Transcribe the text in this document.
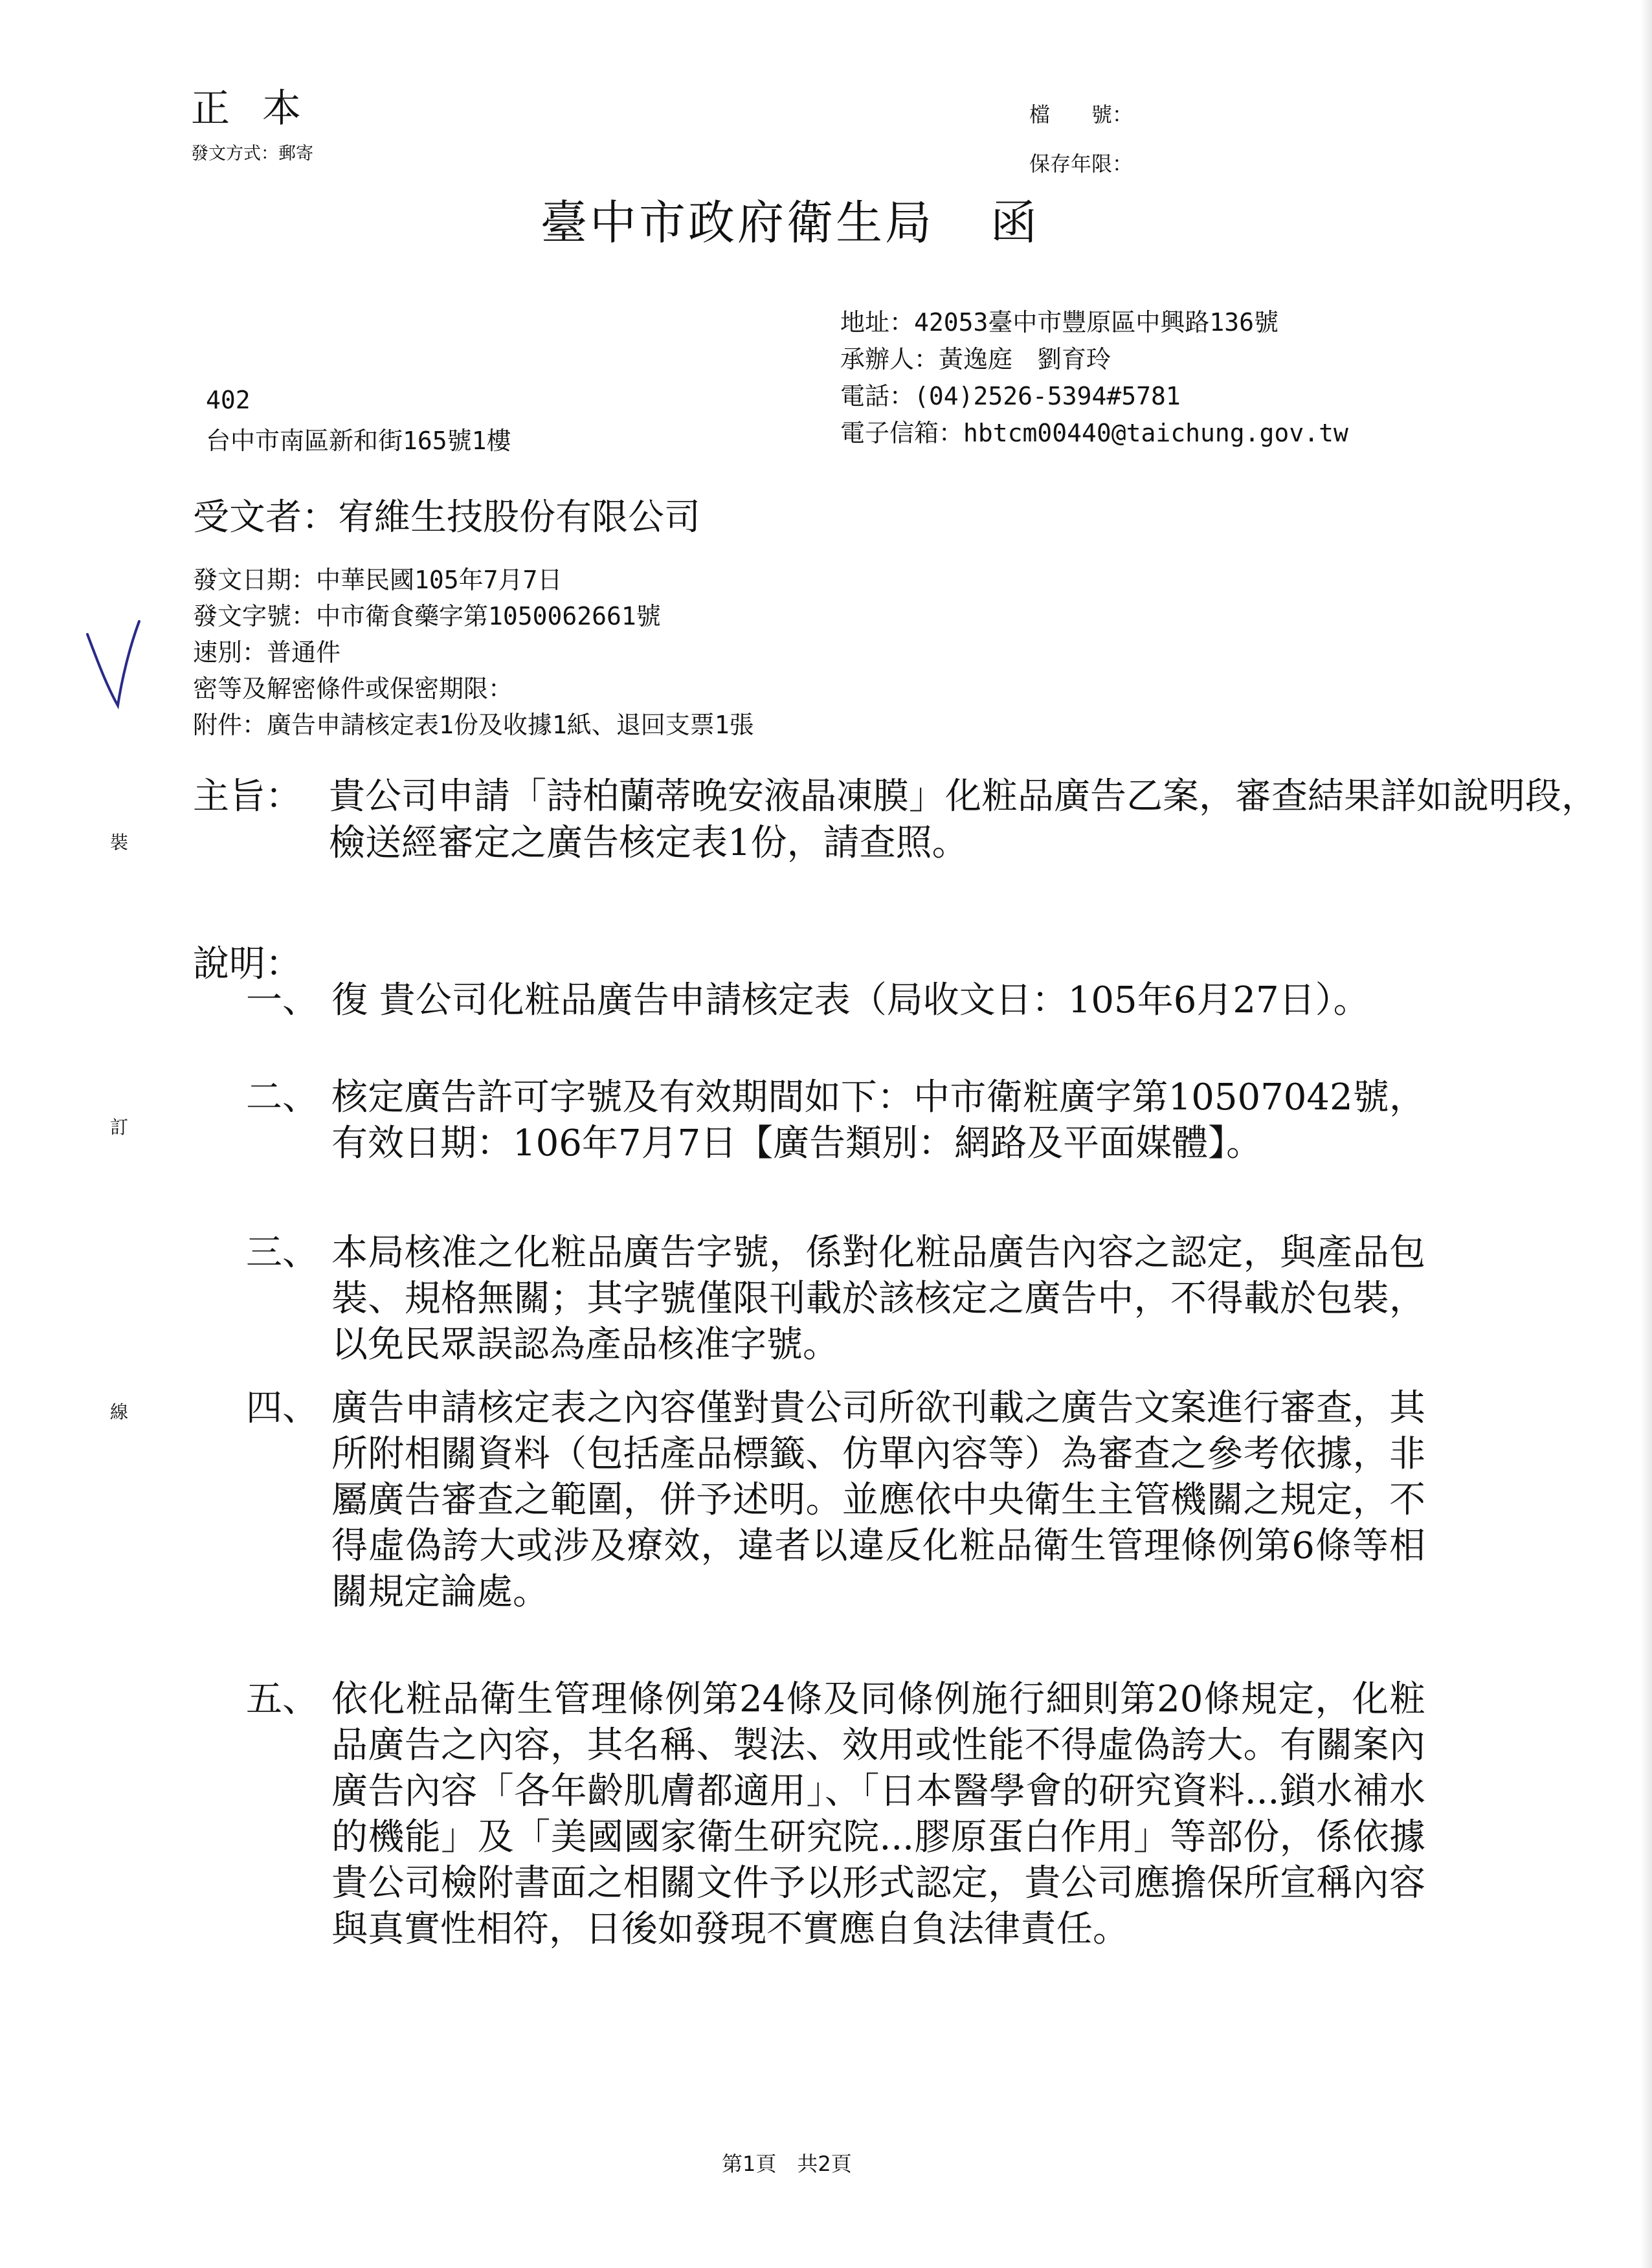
正本
發文方式：郵寄
檔　　號：
保存年限：
臺中市政府衛生局 函
地址：42053臺中市豐原區中興路136號
承辦人：黃逸庭　劉育玲
電話：(04)2526-5394#5781
電子信箱：hbtcm00440@taichung.gov.tw
402
台中市南區新和街165號1樓
受文者：宥維生技股份有限公司
發文日期：中華民國105年7月7日
發文字號：中市衛食藥字第1050062661號
速別：普通件
密等及解密條件或保密期限：
附件：廣告申請核定表1份及收據1紙、退回支票1張
主旨： 貴公司申請「詩柏蘭蒂晚安液晶凍膜」化粧品廣告乙案，審查結果詳如說明段，檢送經審定之廣告核定表1份，請查照。
說明：
一、 復 貴公司化粧品廣告申請核定表（局收文日：105年6月27日）。
二、 核定廣告許可字號及有效期間如下：中市衛粧廣字第10507042號，有效日期：106年7月7日【廣告類別：網路及平面媒體】。
三、 本局核准之化粧品廣告字號，係對化粧品廣告內容之認定，與產品包裝、規格無關；其字號僅限刊載於該核定之廣告中，不得載於包裝，以免民眾誤認為產品核准字號。
四、 廣告申請核定表之內容僅對貴公司所欲刊載之廣告文案進行審查，其所附相關資料（包括產品標籤、仿單內容等）為審查之參考依據，非屬廣告審查之範圍，併予述明。並應依中央衛生主管機關之規定，不得虛偽誇大或涉及療效，違者以違反化粧品衛生管理條例第6條等相關規定論處。
五、 依化粧品衛生管理條例第24條及同條例施行細則第20條規定，化粧品廣告之內容，其名稱、製法、效用或性能不得虛偽誇大。有關案內廣告內容「各年齡肌膚都適用」、「日本醫學會的研究資料...鎖水補水的機能」及「美國國家衛生研究院...膠原蛋白作用」等部份，係依據貴公司檢附書面之相關文件予以形式認定，貴公司應擔保所宣稱內容與真實性相符，日後如發現不實應自負法律責任。
裝
訂
線
第1頁　共2頁
